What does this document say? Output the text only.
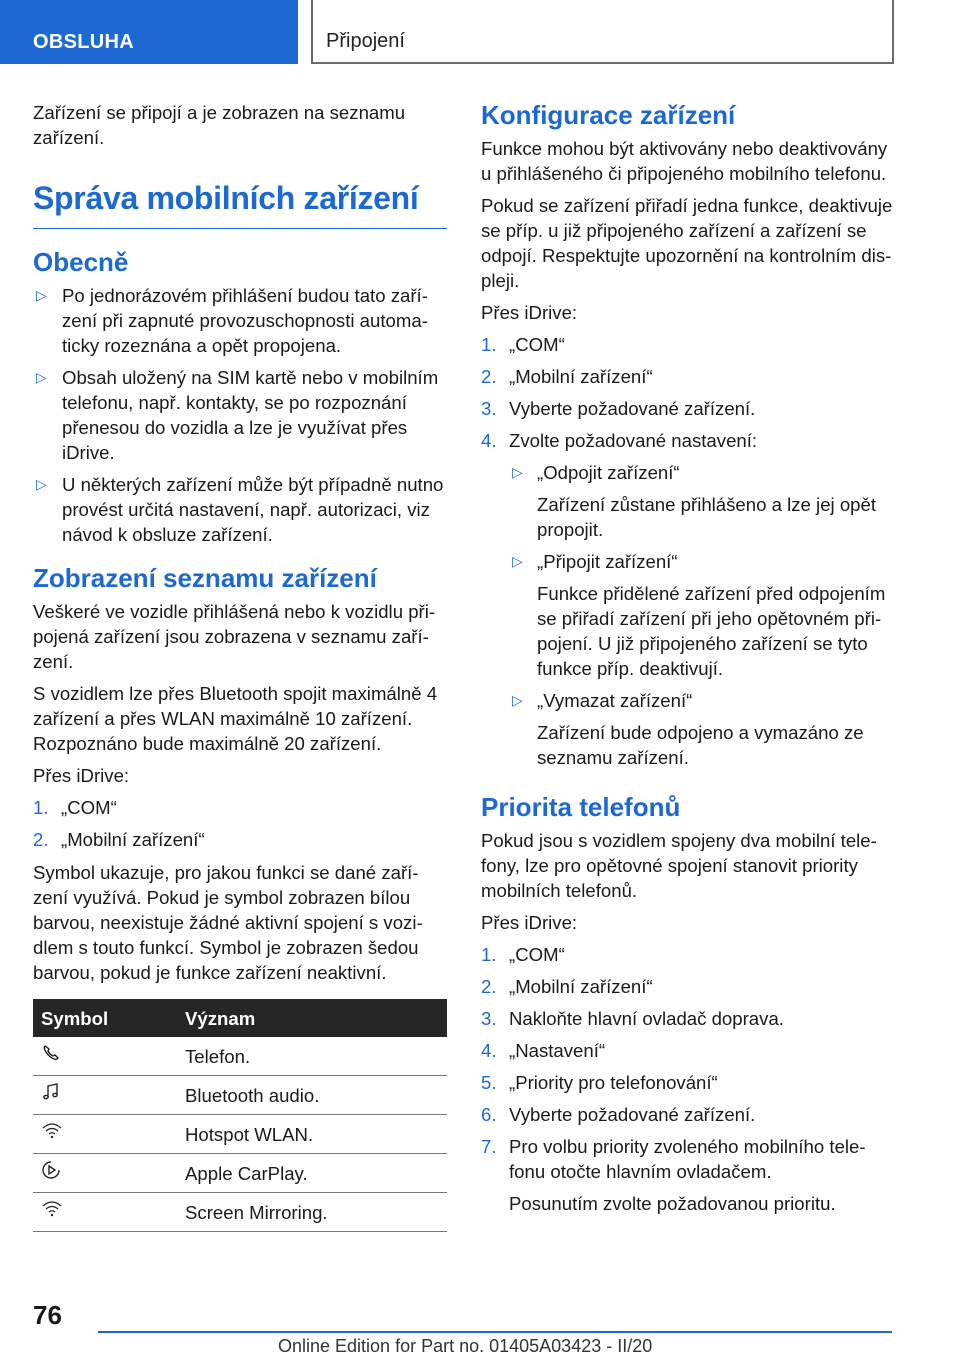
OBSLUHA	Připojení

Zařízení se připojí a je zobrazen na seznamu zařízení.

Správa mobilních zařízení
Obecně
▷ Po jednorázovém přihlášení budou tato zařízení při zapnuté provozuschopnosti automaticky rozeznána a opět propojena.
▷ Obsah uložený na SIM kartě nebo v mobilním telefonu, např. kontakty, se po rozpoznání přenesou do vozidla a lze je využívat přes iDrive.
▷ U některých zařízení může být případně nutno provést určitá nastavení, např. autorizaci, viz návod k obsluze zařízení.
Zobrazení seznamu zařízení

Veškeré ve vozidle přihlášená nebo k vozidlu připojená zařízení jsou zobrazena v seznamu zařízení.

S vozidlem lze přes Bluetooth spojit maximálně 4 zařízení a přes WLAN maximálně 10 zařízení. Rozpoznáno bude maximálně 20 zařízení.

Přes iDrive:

1. „COM“
2. „Mobilní zařízení“

Symbol ukazuje, pro jakou funkci se dané zařízení využívá. Pokud je symbol zobrazen bílou barvou, neexistuje žádné aktivní spojení s vozidlem s touto funkcí. Symbol je zobrazen šedou barvou, pokud je funkce zařízení neaktivní.

Symbol	Význam
	Telefon.
	Bluetooth audio.
	Hotspot WLAN.
	Apple CarPlay.
	Screen Mirroring.
Konfigurace zařízení

Funkce mohou být aktivovány nebo deaktivovány u přihlášeného či připojeného mobilního telefonu.

Pokud se zařízení přiřadí jedna funkce, deaktivuje se příp. u již připojeného zařízení a zařízení se odpojí. Respektujte upozornění na kontrolním displeji.

Přes iDrive:

1. „COM“
2. „Mobilní zařízení“
3. Vyberte požadované zařízení.
4. Zvolte požadované nastavení:
▷ „Odpojit zařízení“
Zařízení zůstane přihlášeno a lze jej opět propojit.
▷ „Připojit zařízení“
Funkce přidělené zařízení před odpojením se přiřadí zařízení při jeho opětovném připojení. U již připojeného zařízení se tyto funkce příp. deaktivují.
▷ „Vymazat zařízení“
Zařízení bude odpojeno a vymazáno ze seznamu zařízení.
Priorita telefonů

Pokud jsou s vozidlem spojeny dva mobilní telefony, lze pro opětovné spojení stanovit priority mobilních telefonů.

Přes iDrive:

1. „COM“
2. „Mobilní zařízení“
3. Nakloňte hlavní ovladač doprava.
4. „Nastavení“
5. „Priority pro telefonování“
6. Vyberte požadované zařízení.
7. Pro volbu priority zvoleného mobilního telefonu otočte hlavním ovladačem.
Posunutím zvolte požadovanou prioritu.
76
Online Edition for Part no. 01405A03423 - II/20
